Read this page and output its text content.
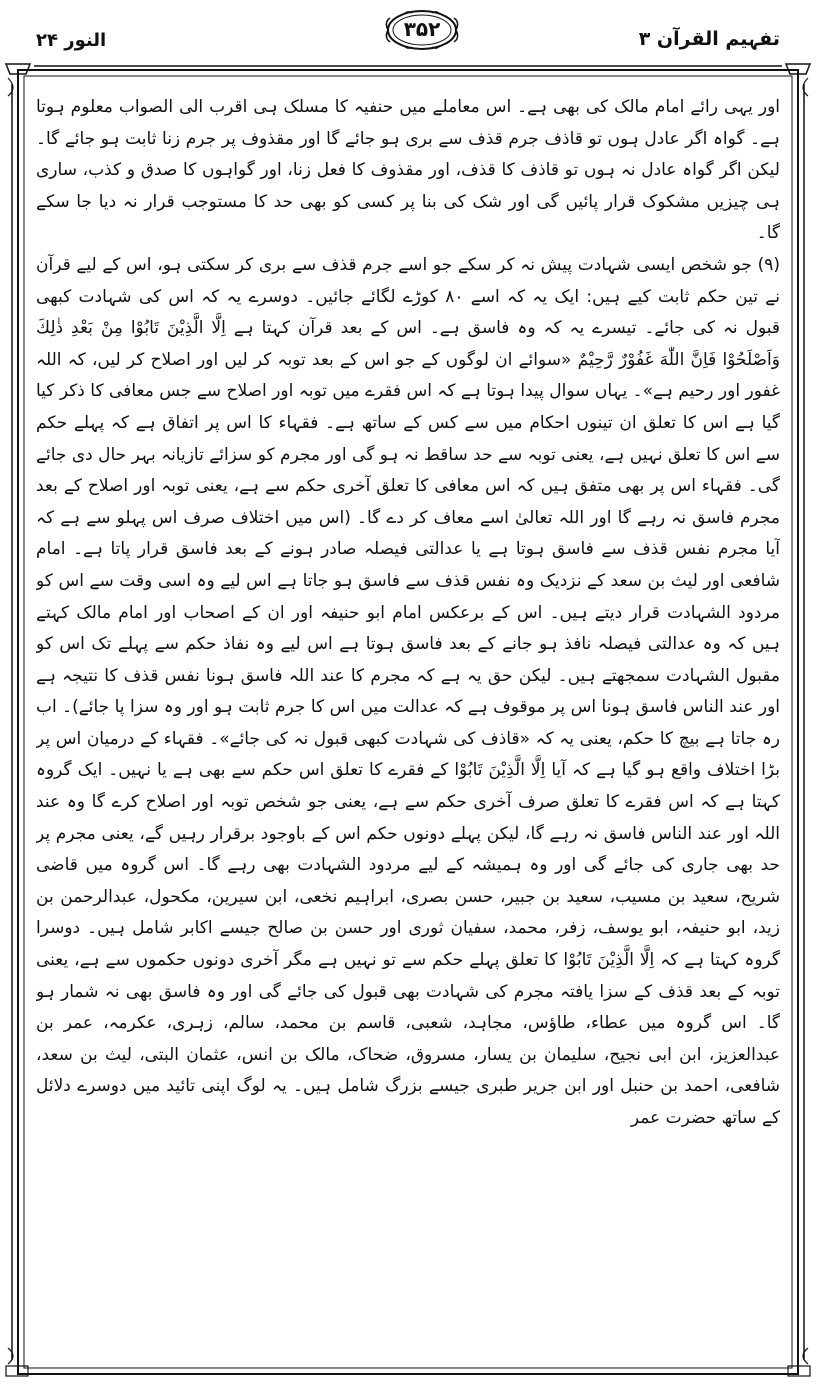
النور ۲۴	۳۵۲	تفہیم القرآن ۳

اور یہی رائے امام مالک کی بھی ہے۔ اس معاملے میں حنفیہ کا مسلک ہی اقرب الی الصواب معلوم ہوتا ہے۔ گواہ اگر عادل ہوں تو قاذف جرم قذف سے بری ہو جائے گا اور مقذوف پر جرم زنا ثابت ہو جائے گا۔ لیکن اگر گواہ عادل نہ ہوں تو قاذف کا قذف، اور مقذوف کا فعل زنا، اور گواہوں کا صدق و کذب، ساری ہی چیزیں مشکوک قرار پائیں گی اور شک کی بنا پر کسی کو بھی حد کا مستوجب قرار نہ دیا جا سکے گا۔

(۹) جو شخص ایسی شہادت پیش نہ کر سکے جو اسے جرم قذف سے بری کر سکتی ہو، اس کے لیے قرآن نے تین حکم ثابت کیے ہیں: ایک یہ کہ اسے ۸۰ کوڑے لگائے جائیں۔ دوسرے یہ کہ اس کی شہادت کبھی قبول نہ کی جائے۔ تیسرے یہ کہ وہ فاسق ہے۔ اس کے بعد قرآن کہتا ہے اِلَّا الَّذِیْنَ تَابُوْا مِنْ بَعْدِ ذٰلِكَ وَاَصْلَحُوْا فَاِنَّ اللّٰهَ غَفُوْرٌ رَّحِيْمٌ «سوائے ان لوگوں کے جو اس کے بعد توبہ کر لیں اور اصلاح کر لیں، کہ اللہ غفور اور رحیم ہے»۔ یہاں سوال پیدا ہوتا ہے کہ اس فقرے میں توبہ اور اصلاح سے جس معافی کا ذکر کیا گیا ہے اس کا تعلق ان تینوں احکام میں سے کس کے ساتھ ہے۔ فقہاء کا اس پر اتفاق ہے کہ پہلے حکم سے اس کا تعلق نہیں ہے، یعنی توبہ سے حد ساقط نہ ہو گی اور مجرم کو سزائے تازیانہ بہر حال دی جائے گی۔ فقہاء اس پر بھی متفق ہیں کہ اس معافی کا تعلق آخری حکم سے ہے، یعنی توبہ اور اصلاح کے بعد مجرم فاسق نہ رہے گا اور اللہ تعالیٰ اسے معاف کر دے گا۔ (اس میں اختلاف صرف اس پہلو سے ہے کہ آیا مجرم نفس قذف سے فاسق ہوتا ہے یا عدالتی فیصلہ صادر ہونے کے بعد فاسق قرار پاتا ہے۔ امام شافعی اور لیث بن سعد کے نزدیک وہ نفس قذف سے فاسق ہو جاتا ہے اس لیے وہ اسی وقت سے اس کو مردود الشہادت قرار دیتے ہیں۔ اس کے برعکس امام ابو حنیفہ اور ان کے اصحاب اور امام مالک کہتے ہیں کہ وہ عدالتی فیصلہ نافذ ہو جانے کے بعد فاسق ہوتا ہے اس لیے وہ نفاذ حکم سے پہلے تک اس کو مقبول الشہادت سمجھتے ہیں۔ لیکن حق یہ ہے کہ مجرم کا عند اللہ فاسق ہونا نفس قذف کا نتیجہ ہے اور عند الناس فاسق ہونا اس پر موقوف ہے کہ عدالت میں اس کا جرم ثابت ہو اور وہ سزا پا جائے)۔ اب رہ جاتا ہے بیچ کا حکم، یعنی یہ کہ «قاذف کی شہادت کبھی قبول نہ کی جائے»۔ فقہاء کے درمیان اس پر بڑا اختلاف واقع ہو گیا ہے کہ آیا اِلَّا الَّذِیْنَ تَابُوْا کے فقرے کا تعلق اس حکم سے بھی ہے یا نہیں۔ ایک گروہ کہتا ہے کہ اس فقرے کا تعلق صرف آخری حکم سے ہے، یعنی جو شخص توبہ اور اصلاح کرے گا وہ عند اللہ اور عند الناس فاسق نہ رہے گا، لیکن پہلے دونوں حکم اس کے باوجود برقرار رہیں گے، یعنی مجرم پر حد بھی جاری کی جائے گی اور وہ ہمیشہ کے لیے مردود الشہادت بھی رہے گا۔ اس گروہ میں قاضی شریح، سعید بن مسیب، سعید بن جبیر، حسن بصری، ابراہیم نخعی، ابن سیرین، مکحول، عبدالرحمن بن زید، ابو حنیفہ، ابو یوسف، زفر، محمد، سفیان ثوری اور حسن بن صالح جیسے اکابر شامل ہیں۔ دوسرا گروہ کہتا ہے کہ اِلَّا الَّذِیْنَ تَابُوْا کا تعلق پہلے حکم سے تو نہیں ہے مگر آخری دونوں حکموں سے ہے، یعنی توبہ کے بعد قذف کے سزا یافتہ مجرم کی شہادت بھی قبول کی جائے گی اور وہ فاسق بھی نہ شمار ہو گا۔ اس گروہ میں عطاء، طاؤس، مجاہد، شعبی، قاسم بن محمد، سالم، زہری، عکرمہ، عمر بن عبدالعزیز، ابن ابی نجیح، سلیمان بن یسار، مسروق، ضحاک، مالک بن انس، عثمان البتی، لیث بن سعد، شافعی، احمد بن حنبل اور ابن جریر طبری جیسے بزرگ شامل ہیں۔ یہ لوگ اپنی تائید میں دوسرے دلائل کے ساتھ حضرت عمر
